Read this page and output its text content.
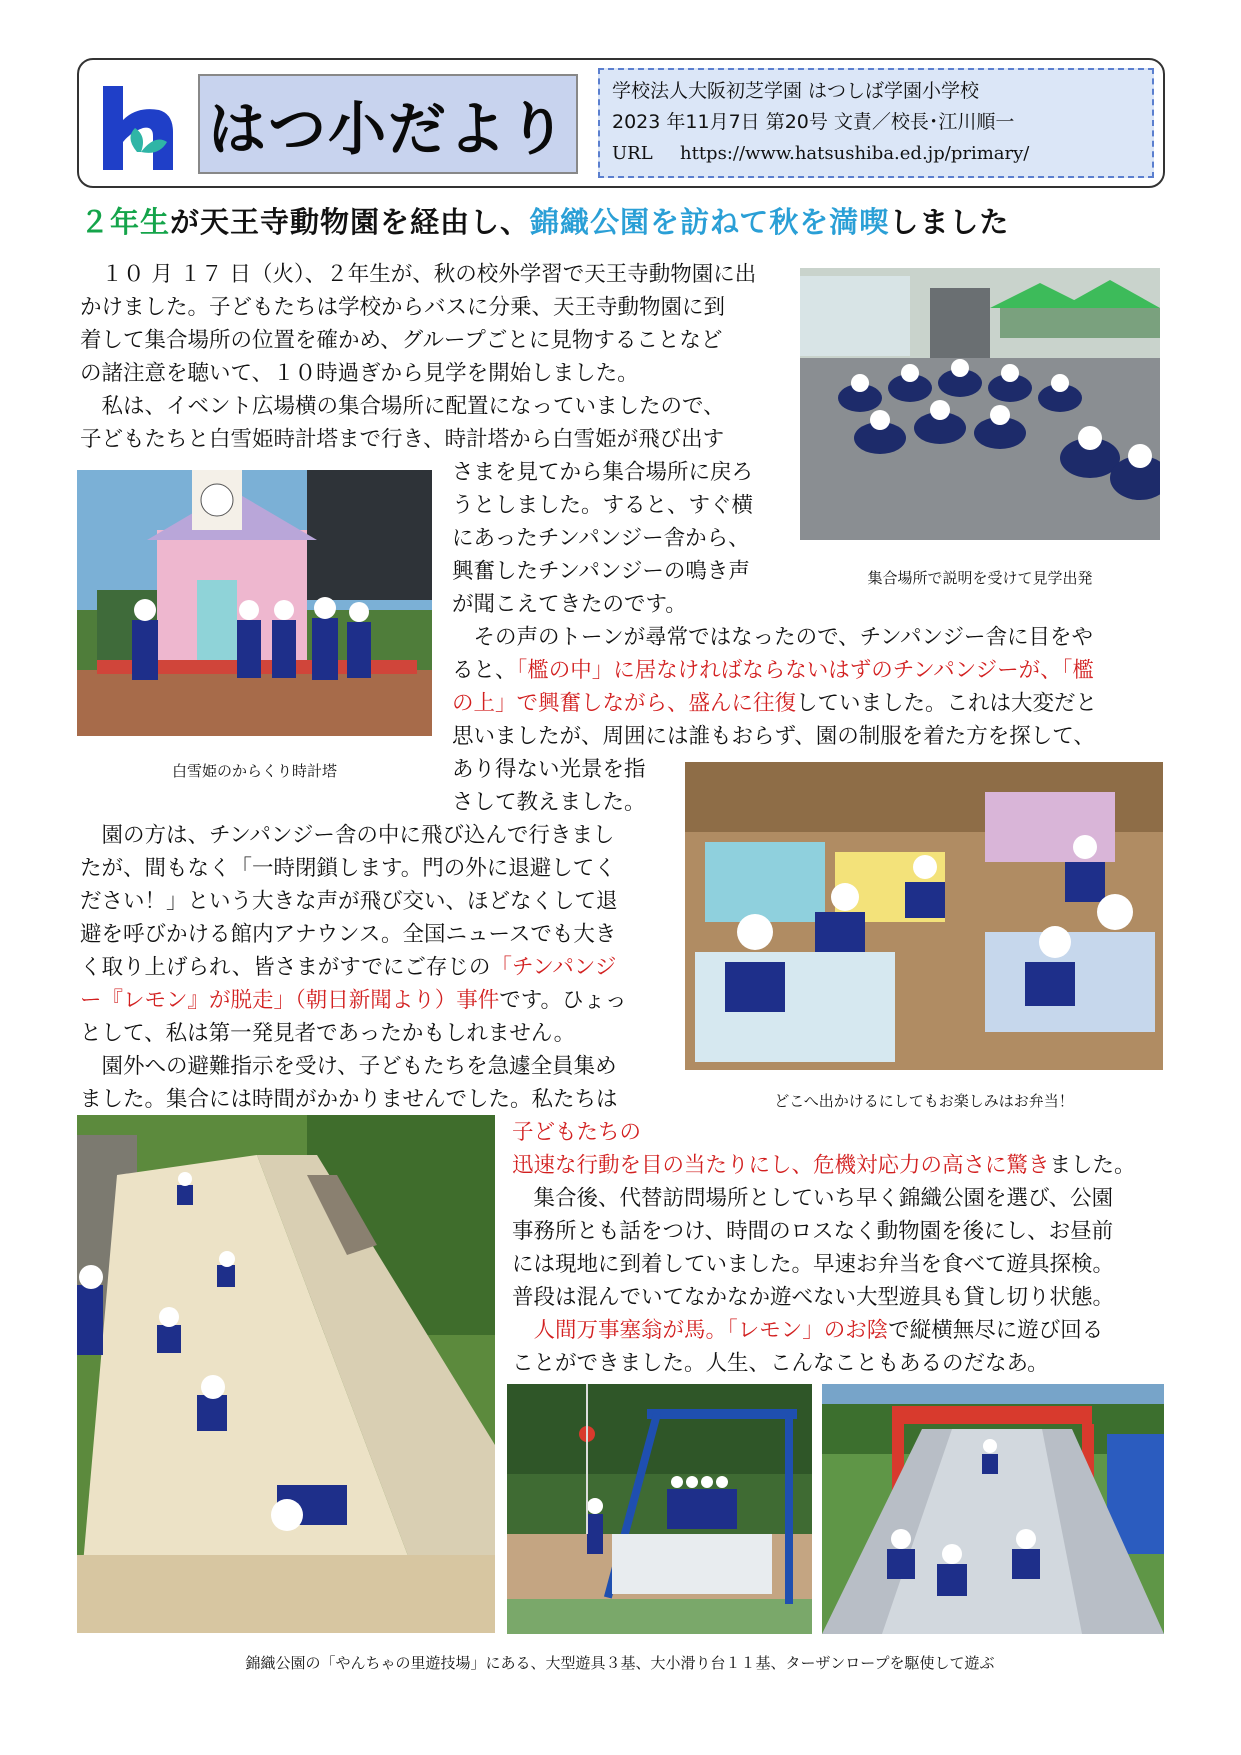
はつ小だより
学校法人大阪初芝学園 はつしば学園小学校
2023 年11月7日 第20号 文責／校長･江川順一
URL https://www.hatsushiba.ed.jp/primary/
２年生が天王寺動物園を経由し、錦織公園を訪ねて秋を満喫しました
集合場所で説明を受けて見学出発
白雪姫のからくり時計塔
どこへ出かけるにしてもお楽しみはお弁当！
錦織公園の「やんちゃの里遊技場」にある、大型遊具３基、大小滑り台１１基、ターザンロープを駆使して遊ぶ
　１０ 月 １７ 日（火）、２年生が、秋の校外学習で天王寺動物園に出
かけました。子どもたちは学校からバスに分乗、天王寺動物園に到
着して集合場所の位置を確かめ、グループごとに見物することなど
の諸注意を聴いて、１０時過ぎから見学を開始しました。
　私は、イベント広場横の集合場所に配置になっていましたので、
子どもたちと白雪姫時計塔まで行き、時計塔から白雪姫が飛び出す
さまを見てから集合場所に戻ろ
うとしました。すると、すぐ横
にあったチンパンジー舎から、
興奮したチンパンジーの鳴き声
が聞こえてきたのです。
　その声のトーンが尋常ではなったので、チンパンジー舎に目をや
ると、「檻の中」に居なければならないはずのチンパンジーが、「檻
の上」で興奮しながら、盛んに往復していました。これは大変だと
思いましたが、周囲には誰もおらず、園の制服を着た方を探して、
あり得ない光景を指
さして教えました。
　園の方は、チンパンジー舎の中に飛び込んで行きまし
たが、間もなく「一時閉鎖します。門の外に退避してく
ださい！」という大きな声が飛び交い、ほどなくして退
避を呼びかける館内アナウンス。全国ニュースでも大き
く取り上げられ、皆さまがすでにご存じの「チンパンジ
ー『レモン』が脱走」（朝日新聞より）事件です。ひょっ
として、私は第一発見者であったかもしれません。
　園外への避難指示を受け、子どもたちを急遽全員集め
ました。集合には時間がかかりませんでした。私たちは
子どもたちの
迅速な行動を目の当たりにし、危機対応力の高さに驚きました。
　集合後、代替訪問場所としていち早く錦織公園を選び、公園
事務所とも話をつけ、時間のロスなく動物園を後にし、お昼前
には現地に到着していました。早速お弁当を食べて遊具探検。
普段は混んでいてなかなか遊べない大型遊具も貸し切り状態。
　人間万事塞翁が馬。「レモン」のお陰で縦横無尽に遊び回る
ことができました。人生、こんなこともあるのだなあ。
